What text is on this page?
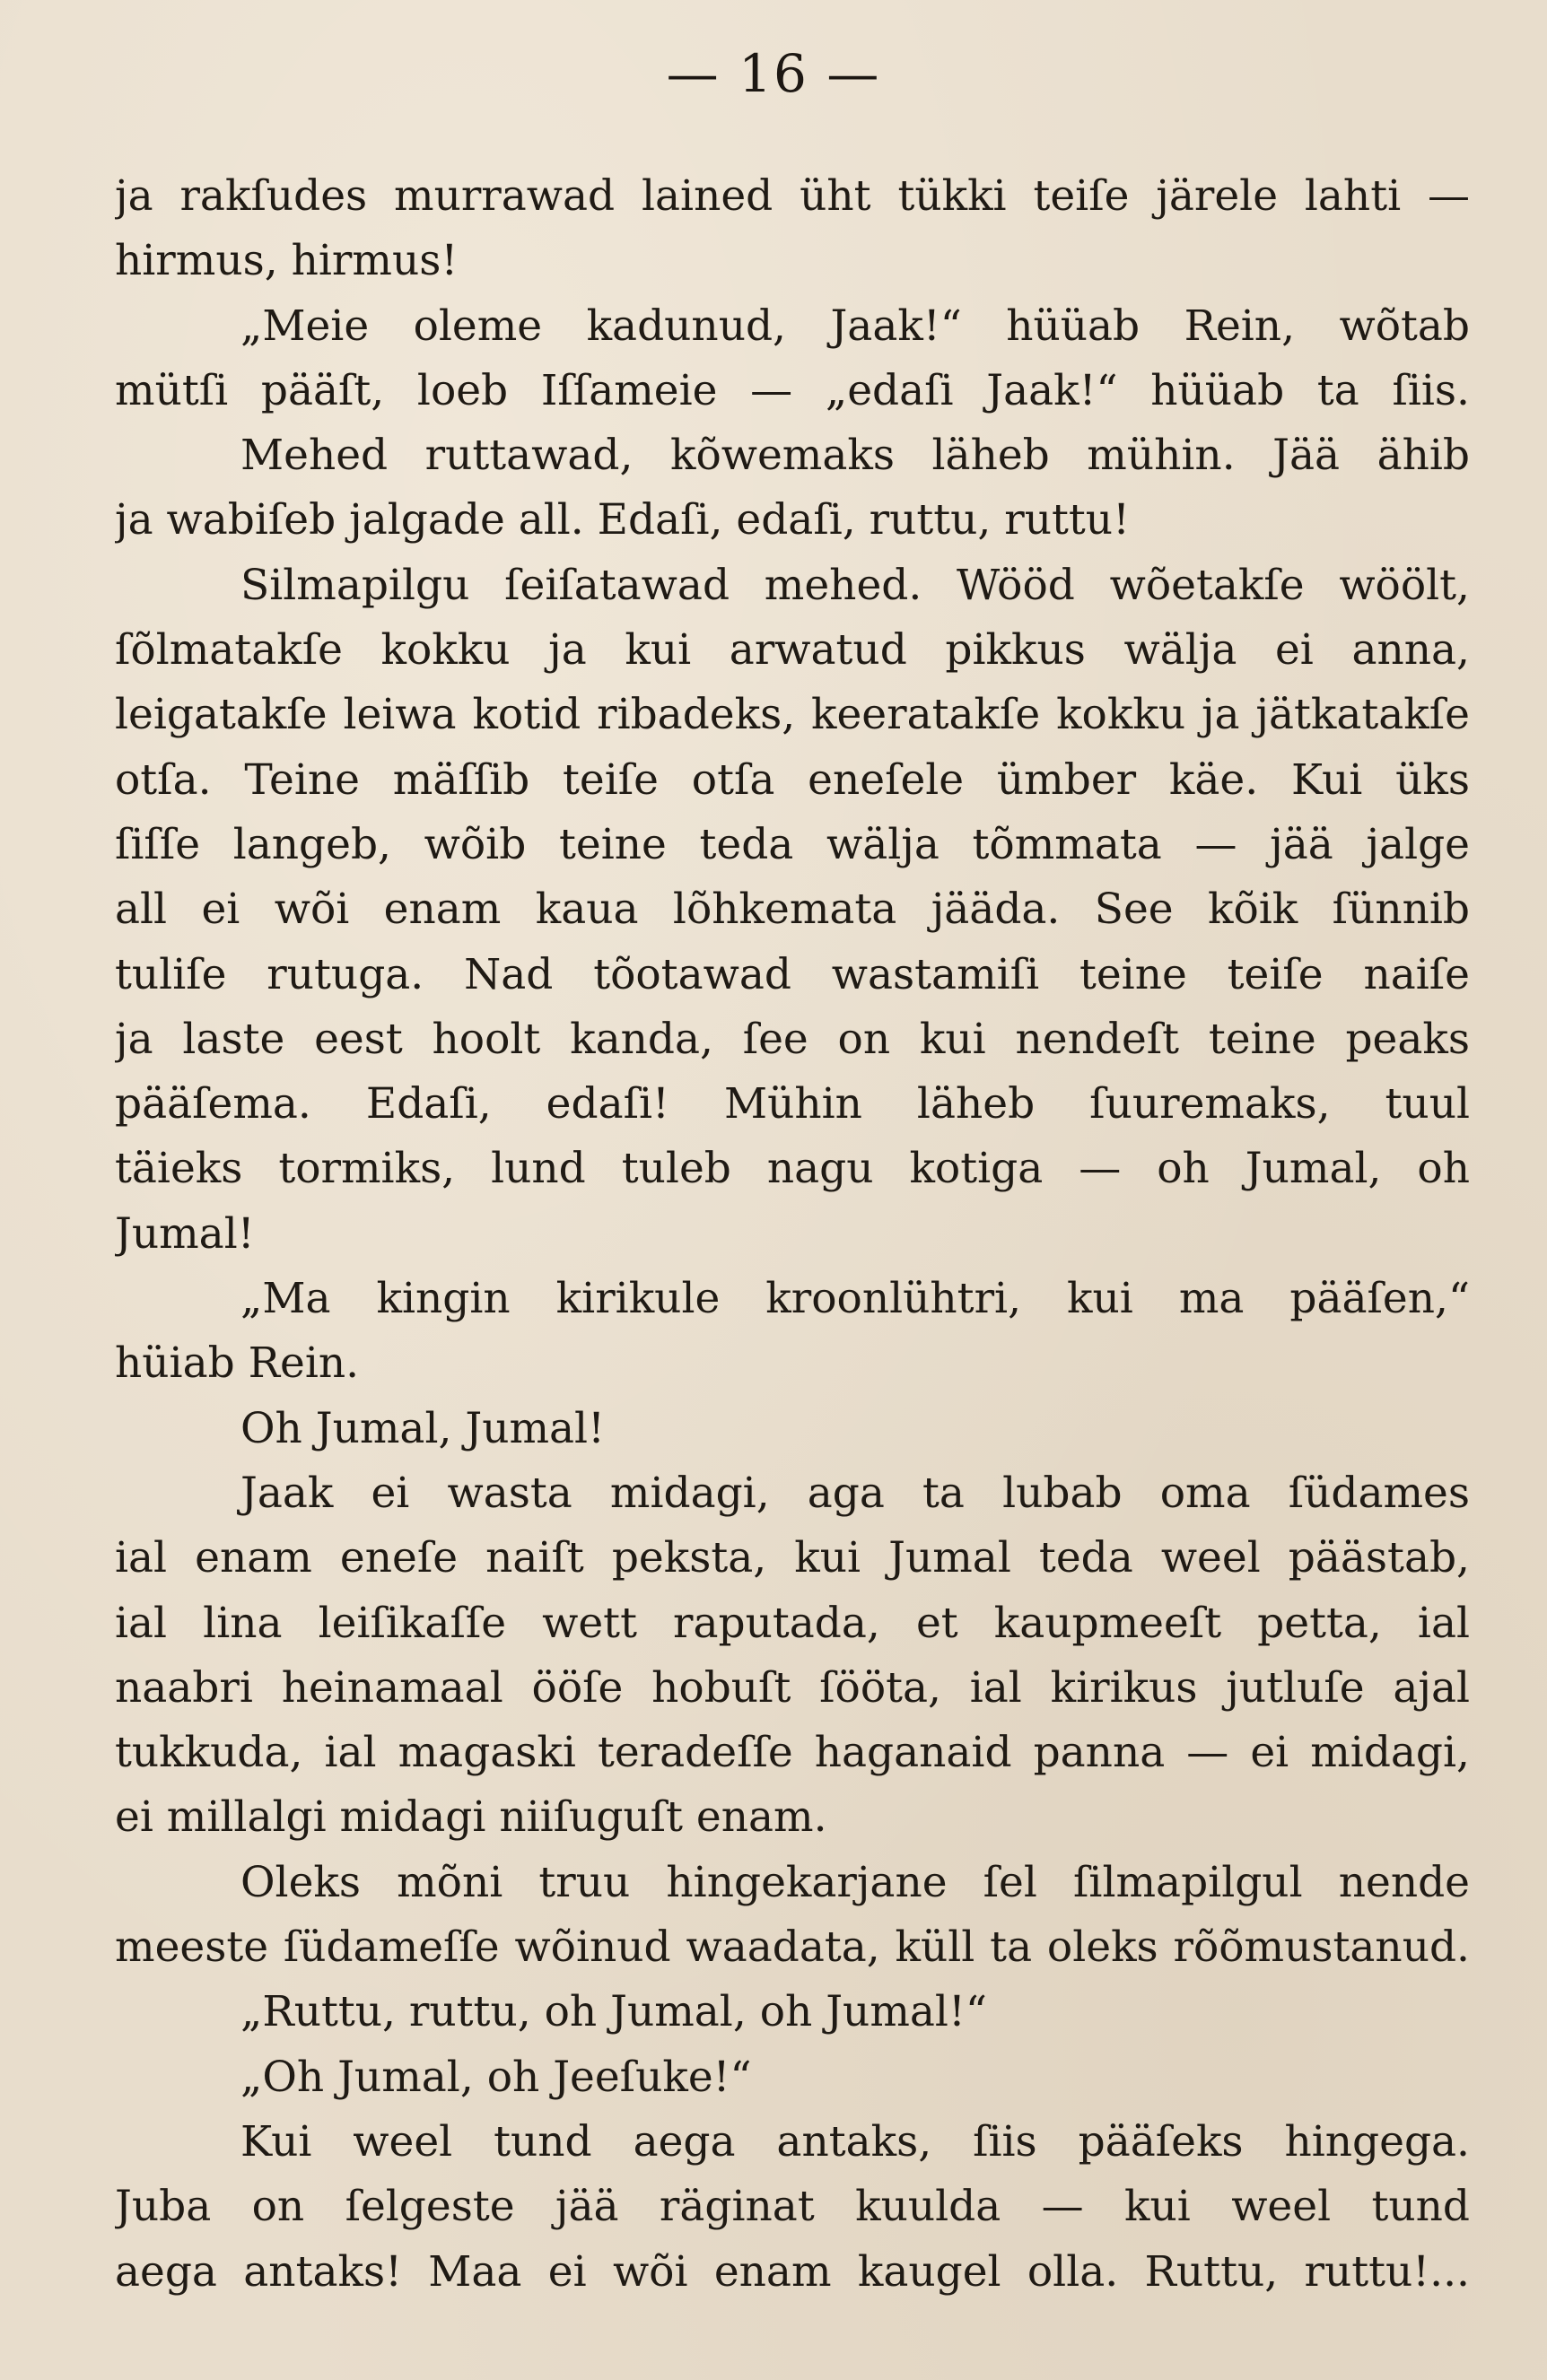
— 16 —
ja rakſudes murrawad lained üht tükki teiſe järele lahti —
hirmus, hirmus!
„Meie oleme kadunud, Jaak!“ hüüab Rein, wõtab
mütſi pääſt, loeb Iſſameie — „edaſi Jaak!“ hüüab ta ſiis.
Mehed ruttawad, kõwemaks läheb mühin. Jää ähib
ja wabiſeb jalgade all. Edaſi, edaſi, ruttu, ruttu!
Silmapilgu ſeiſatawad mehed. Wööd wõetakſe wöölt,
ſõlmatakſe kokku ja kui arwatud pikkus wälja ei anna,
leigatakſe leiwa kotid ribadeks, keeratakſe kokku ja jätkatakſe
otſa. Teine mäſſib teiſe otſa eneſele ümber käe. Kui üks
ſiſſe langeb, wõib teine teda wälja tõmmata — jää jalge
all ei wõi enam kaua lõhkemata jääda. See kõik ſünnib
tuliſe rutuga. Nad tõotawad wastamiſi teine teiſe naiſe
ja laste eest hoolt kanda, ſee on kui nendeſt teine peaks
pääſema. Edaſi, edaſi! Mühin läheb ſuuremaks, tuul
täieks tormiks, lund tuleb nagu kotiga — oh Jumal, oh
Jumal!
„Ma kingin kirikule kroonlühtri, kui ma pääſen,“
hüiab Rein.
Oh Jumal, Jumal!
Jaak ei wasta midagi, aga ta lubab oma ſüdames
ial enam eneſe naiſt peksta, kui Jumal teda weel päästab,
ial lina leiſikaſſe wett raputada, et kaupmeeſt petta, ial
naabri heinamaal ööſe hobuſt ſööta, ial kirikus jutluſe ajal
tukkuda, ial magaski teradeſſe haganaid panna — ei midagi,
ei millalgi midagi niiſuguſt enam.
Oleks mõni truu hingekarjane ſel ſilmapilgul nende
meeste ſüdameſſe wõinud waadata, küll ta oleks rõõmustanud.
„Ruttu, ruttu, oh Jumal, oh Jumal!“
„Oh Jumal, oh Jeeſuke!“
Kui weel tund aega antaks, ſiis pääſeks hingega.
Juba on ſelgeste jää räginat kuulda — kui weel tund
aega antaks! Maa ei wõi enam kaugel olla. Ruttu, ruttu!...
